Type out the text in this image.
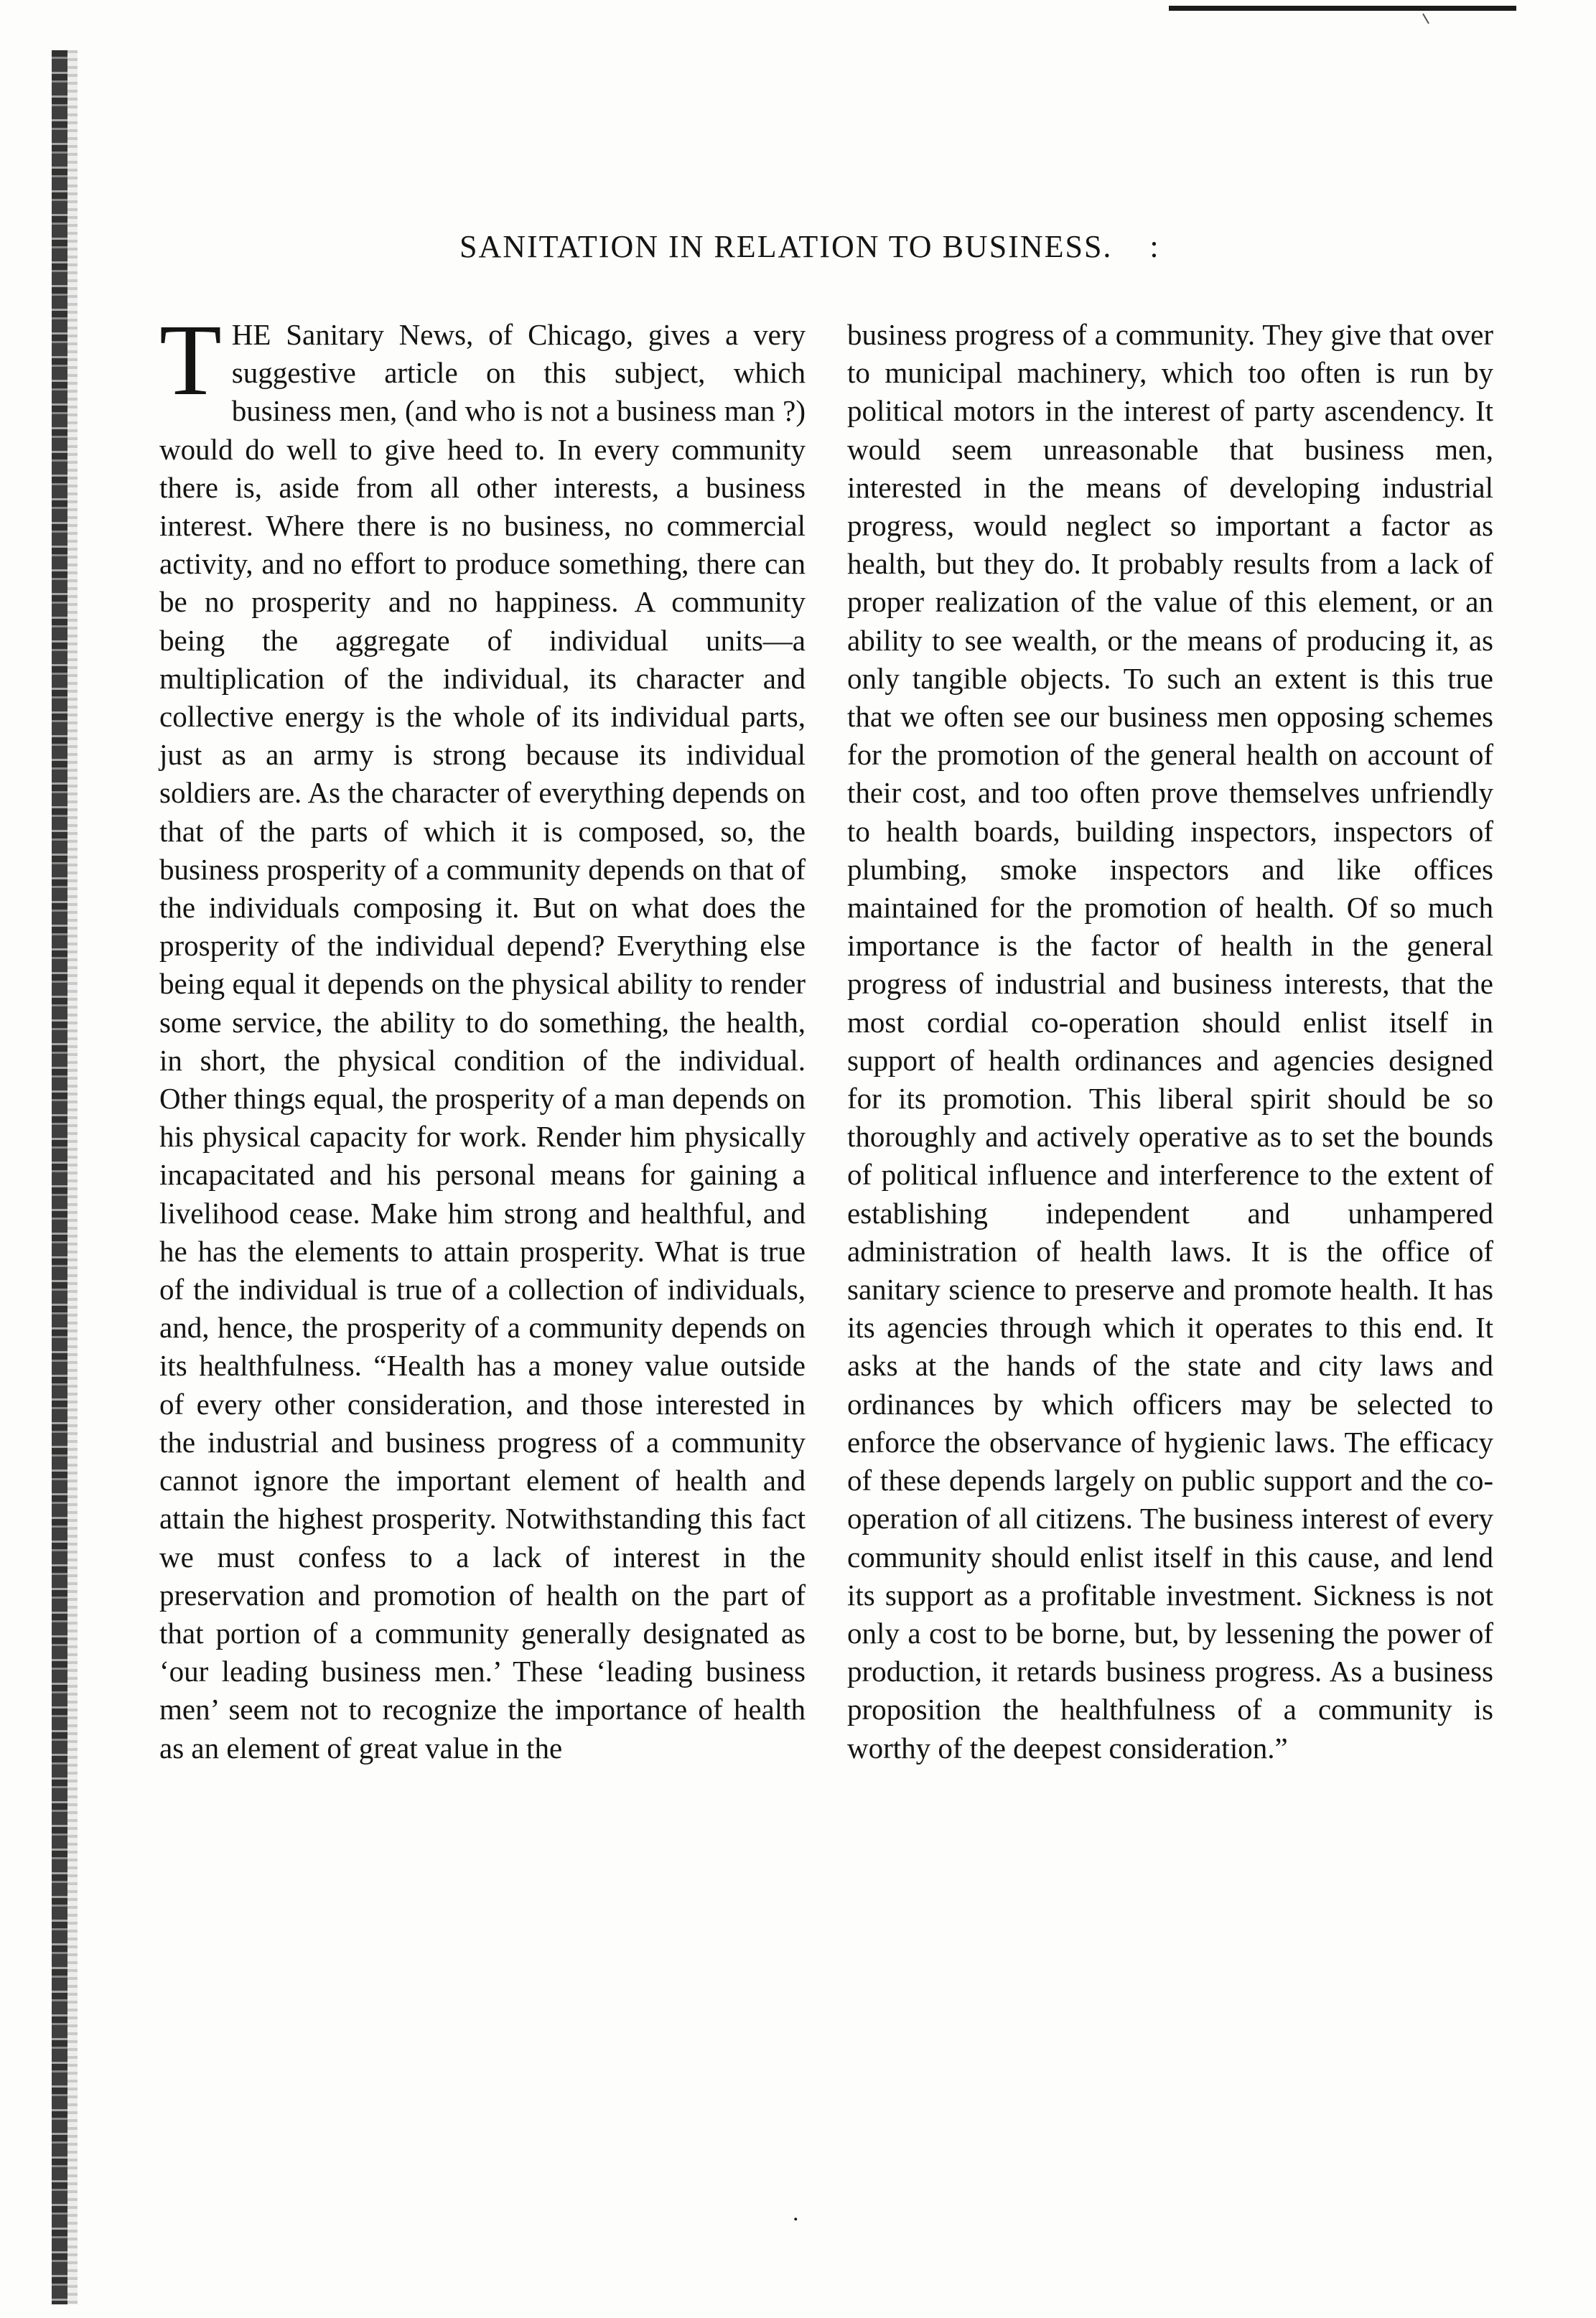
SANITATION IN RELATION TO BUSINESS. :

THE Sanitary News, of Chicago, gives a very suggestive article on this subject, which business men, (and who is not a business man ?) would do well to give heed to. In every community there is, aside from all other interests, a business interest. Where there is no business, no commercial activity, and no effort to produce something, there can be no prosperity and no happiness. A community being the aggregate of individual units—a multiplication of the individual, its character and collective energy is the whole of its individual parts, just as an army is strong because its individual soldiers are. As the character of everything depends on that of the parts of which it is composed, so, the business prosperity of a community depends on that of the individuals composing it. But on what does the prosperity of the individual depend? Everything else being equal it depends on the physical ability to render some service, the ability to do something, the health, in short, the physical condition of the individual. Other things equal, the prosperity of a man depends on his physical capacity for work. Render him physically incapacitated and his personal means for gaining a livelihood cease. Make him strong and healthful, and he has the elements to attain prosperity. What is true of the individual is true of a collection of individuals, and, hence, the prosperity of a community depends on its healthfulness. “Health has a money value outside of every other consideration, and those interested in the industrial and business progress of a community cannot ignore the important element of health and attain the highest prosperity. Notwithstanding this fact we must confess to a lack of interest in the preservation and promotion of health on the part of that portion of a community generally designated as ‘our leading business men.’ These ‘leading business men’ seem not to recognize the importance of health as an element of great value in the

business progress of a community. They give that over to municipal machinery, which too often is run by political motors in the interest of party ascendency. It would seem unreasonable that business men, interested in the means of developing industrial progress, would neglect so important a factor as health, but they do. It probably results from a lack of proper realization of the value of this element, or an ability to see wealth, or the means of producing it, as only tangible objects. To such an extent is this true that we often see our business men opposing schemes for the promotion of the general health on account of their cost, and too often prove themselves unfriendly to health boards, building inspectors, inspectors of plumbing, smoke inspectors and like offices maintained for the promotion of health. Of so much importance is the factor of health in the general progress of industrial and business interests, that the most cordial co-operation should enlist itself in support of health ordinances and agencies designed for its promotion. This liberal spirit should be so thoroughly and actively operative as to set the bounds of political influence and interference to the extent of establishing independent and unhampered administration of health laws. It is the office of sanitary science to preserve and promote health. It has its agencies through which it operates to this end. It asks at the hands of the state and city laws and ordinances by which officers may be selected to enforce the observance of hygienic laws. The efficacy of these depends largely on public support and the co-operation of all citizens. The business interest of every community should enlist itself in this cause, and lend its support as a profitable investment. Sickness is not only a cost to be borne, but, by lessening the power of production, it retards business progress. As a business proposition the healthfulness of a community is worthy of the deepest consideration.”

.
